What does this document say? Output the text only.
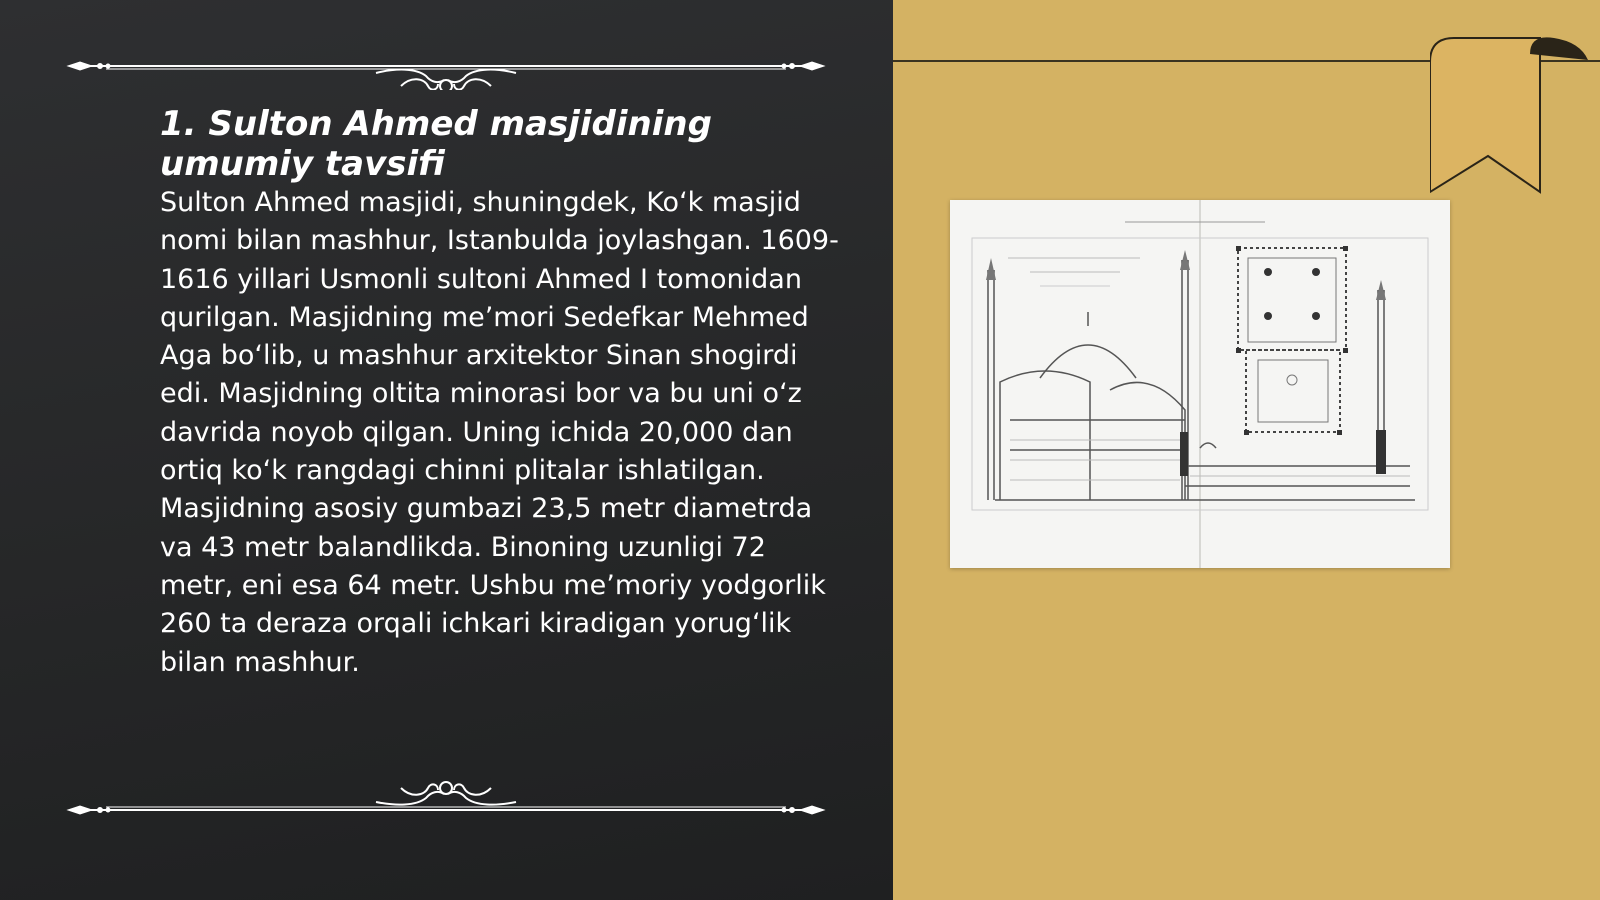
1. Sulton Ahmed masjidining umumiy tavsifi

Sulton Ahmed masjidi, shuningdek, Ko‘k masjid nomi bilan mashhur, Istanbulda joylashgan. 1609-1616 yillari Usmonli sultoni Ahmed I tomonidan qurilgan. Masjidning me’mori Sedefkar Mehmed Aga bo‘lib, u mashhur arxitektor Sinan shogirdi edi. Masjidning oltita minorasi bor va bu uni o‘z davrida noyob qilgan. Uning ichida 20,000 dan ortiq ko‘k rangdagi chinni plitalar ishlatilgan. Masjidning asosiy gumbazi 23,5 metr diametrda va 43 metr balandlikda. Binoning uzunligi 72 metr, eni esa 64 metr. Ushbu me’moriy yodgorlik 260 ta deraza orqali ichkari kiradigan yorug‘lik bilan mashhur.
